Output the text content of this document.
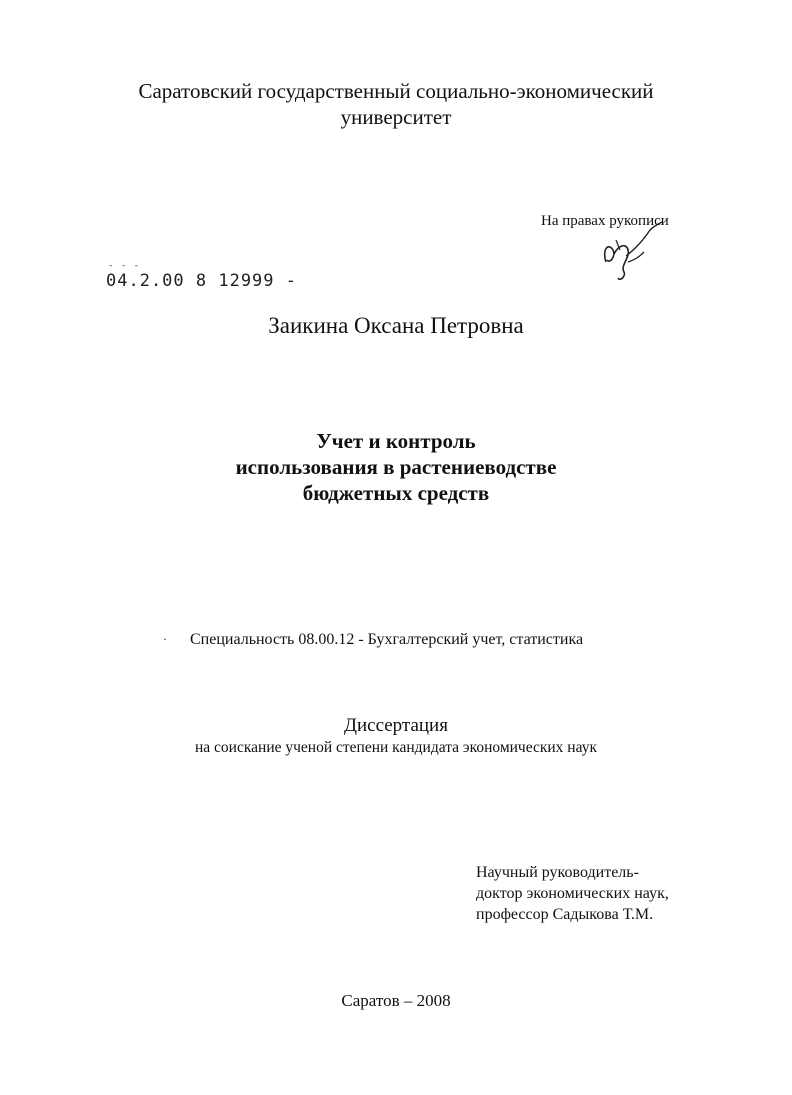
Саратовский государственный социально-экономический
университет
На правах рукописи
- - -
04.2.00 8 12999 -
Заикина Оксана Петровна
Учет и контроль
использования в растениеводстве
бюджетных средств
· Специальность 08.00.12 - Бухгалтерский учет, статистика
Диссертация
на соискание ученой степени кандидата экономических наук
Научный руководитель-
доктор экономических наук,
профессор Садыкова Т.М.
Саратов – 2008
